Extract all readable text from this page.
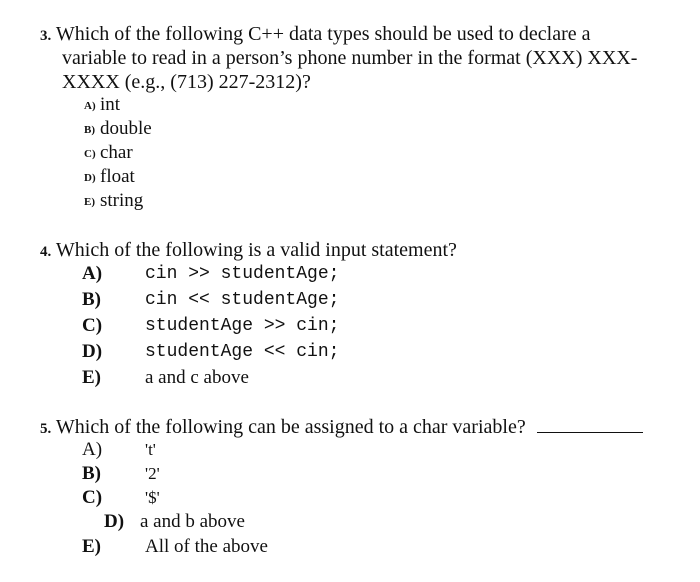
3. Which of the following C++ data types should be used to declare a
variable to read in a person’s phone number in the format (XXX) XXX-
XXXX (e.g., (713) 227-2312)?
A) int
B) double
C) char
D) float
E) string
4. Which of the following is a valid input statement?
A) cin >> studentAge;
B) cin << studentAge;
C) studentAge >> cin;
D) studentAge << cin;
E) a and c above
5. Which of the following can be assigned to a char variable?
A)	't'
B)	'2'
C)	'$'
D) a and b above
E) All of the above
